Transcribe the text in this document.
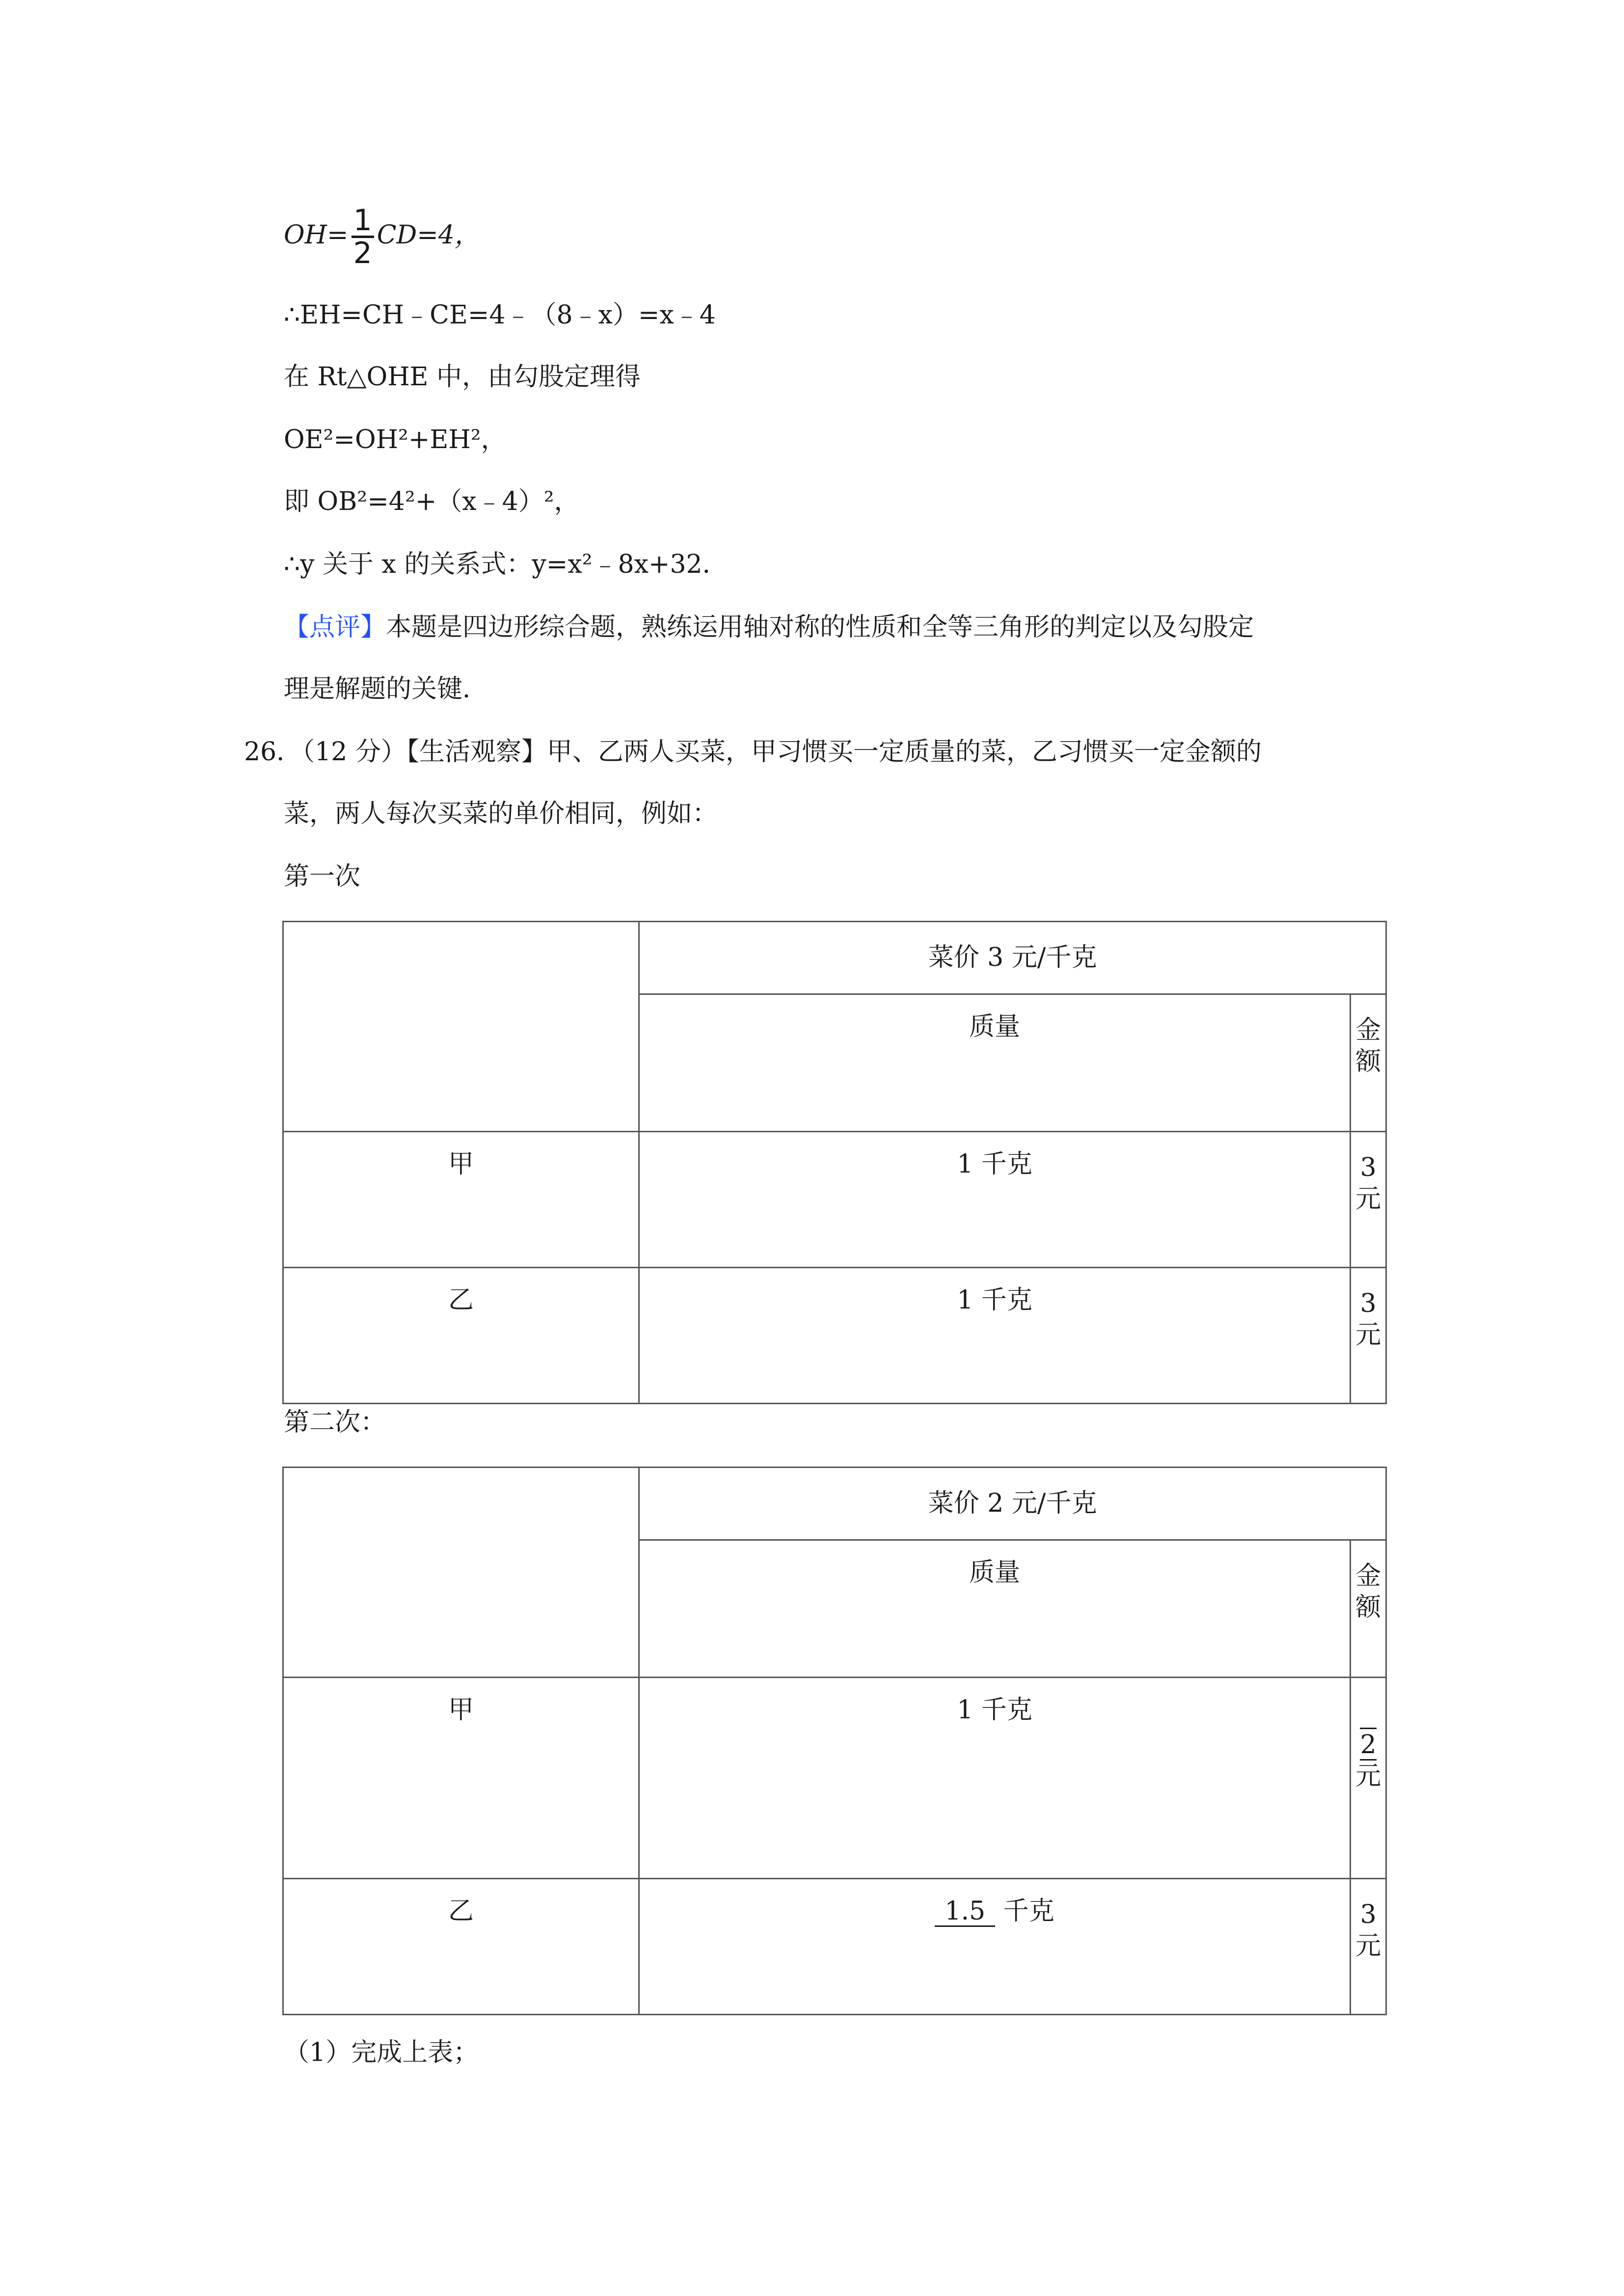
$OH= \frac{1}{2} CD=4$，
∴EH=CH﹣CE=4﹣（8﹣x）=x﹣4
在 Rt△OHE 中，由勾股定理得
OE²=OH²+EH²，
即 OB²=4²+（x﹣4）²，
∴y 关于 x 的关系式：y=x²﹣8x+32．
【点评】本题是四边形综合题，熟练运用轴对称的性质和全等三角形的判定以及勾股定
理是解题的关键．
26．（12 分）【生活观察】甲、乙两人买菜，甲习惯买一定质量的菜，乙习惯买一定金额的
菜，两人每次买菜的单价相同，例如：
第一次
	菜价 3 元/千克	
	质量	金
额
甲	1 千克	3
元
乙	1 千克	3
元
第二次：
	菜价 2 元/千克	
	质量	金
额
甲	1 千克	2
元
乙	1.5 千克	3
元
（1）完成上表；
